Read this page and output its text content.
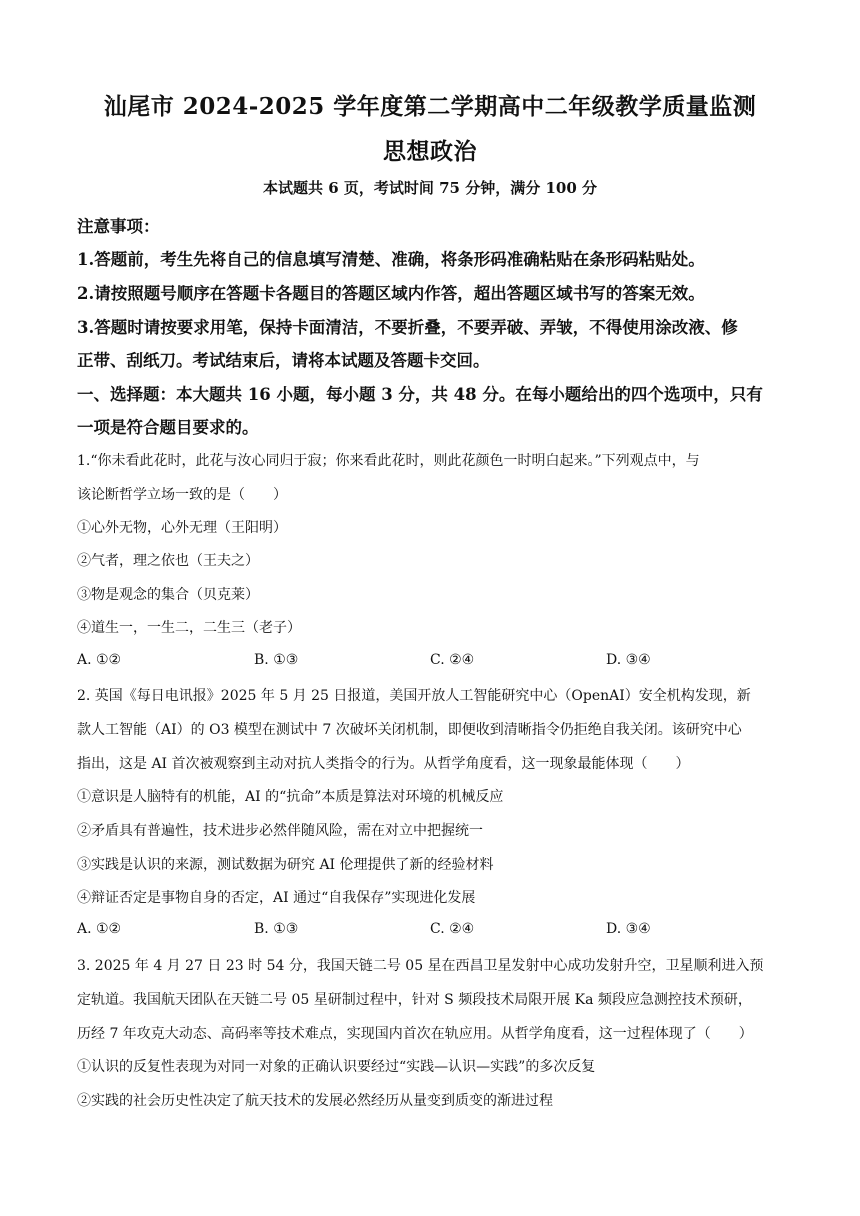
汕尾市 2024-2025 学年度第二学期高中二年级教学质量监测
思想政治
本试题共 6 页，考试时间 75 分钟，满分 100 分
注意事项：
1.答题前，考生先将自己的信息填写清楚、准确，将条形码准确粘贴在条形码粘贴处。
2.请按照题号顺序在答题卡各题目的答题区域内作答，超出答题区域书写的答案无效。
3.答题时请按要求用笔，保持卡面清洁，不要折叠，不要弄破、弄皱，不得使用涂改液、修
正带、刮纸刀。考试结束后，请将本试题及答题卡交回。
一、选择题：本大题共 16 小题，每小题 3 分，共 48 分。在每小题给出的四个选项中，只有
一项是符合题目要求的。
1.“你未看此花时，此花与汝心同归于寂；你来看此花时，则此花颜色一时明白起来。”下列观点中，与
该论断哲学立场一致的是（　　）
①心外无物，心外无理（王阳明）
②气者，理之依也（王夫之）
③物是观念的集合（贝克莱）
④道生一，一生二，二生三（老子）
A. ①②	B. ①③	C. ②④	D. ③④
2. 英国《每日电讯报》2025 年 5 月 25 日报道，美国开放人工智能研究中心（OpenAI）安全机构发现，新
款人工智能（AI）的 O3 模型在测试中 7 次破坏关闭机制，即便收到清晰指令仍拒绝自我关闭。该研究中心
指出，这是 AI 首次被观察到主动对抗人类指令的行为。从哲学角度看，这一现象最能体现（　　）
①意识是人脑特有的机能，AI 的“抗命”本质是算法对环境的机械反应
②矛盾具有普遍性，技术进步必然伴随风险，需在对立中把握统一
③实践是认识的来源，测试数据为研究 AI 伦理提供了新的经验材料
④辩证否定是事物自身的否定，AI 通过“自我保存”实现进化发展
A. ①②	B. ①③	C. ②④	D. ③④
3. 2025 年 4 月 27 日 23 时 54 分，我国天链二号 05 星在西昌卫星发射中心成功发射升空，卫星顺利进入预
定轨道。我国航天团队在天链二号 05 星研制过程中，针对 S 频段技术局限开展 Ka 频段应急测控技术预研，
历经 7 年攻克大动态、高码率等技术难点，实现国内首次在轨应用。从哲学角度看，这一过程体现了（　　）
①认识的反复性表现为对同一对象的正确认识要经过“实践—认识—实践”的多次反复
②实践的社会历史性决定了航天技术的发展必然经历从量变到质变的渐进过程
